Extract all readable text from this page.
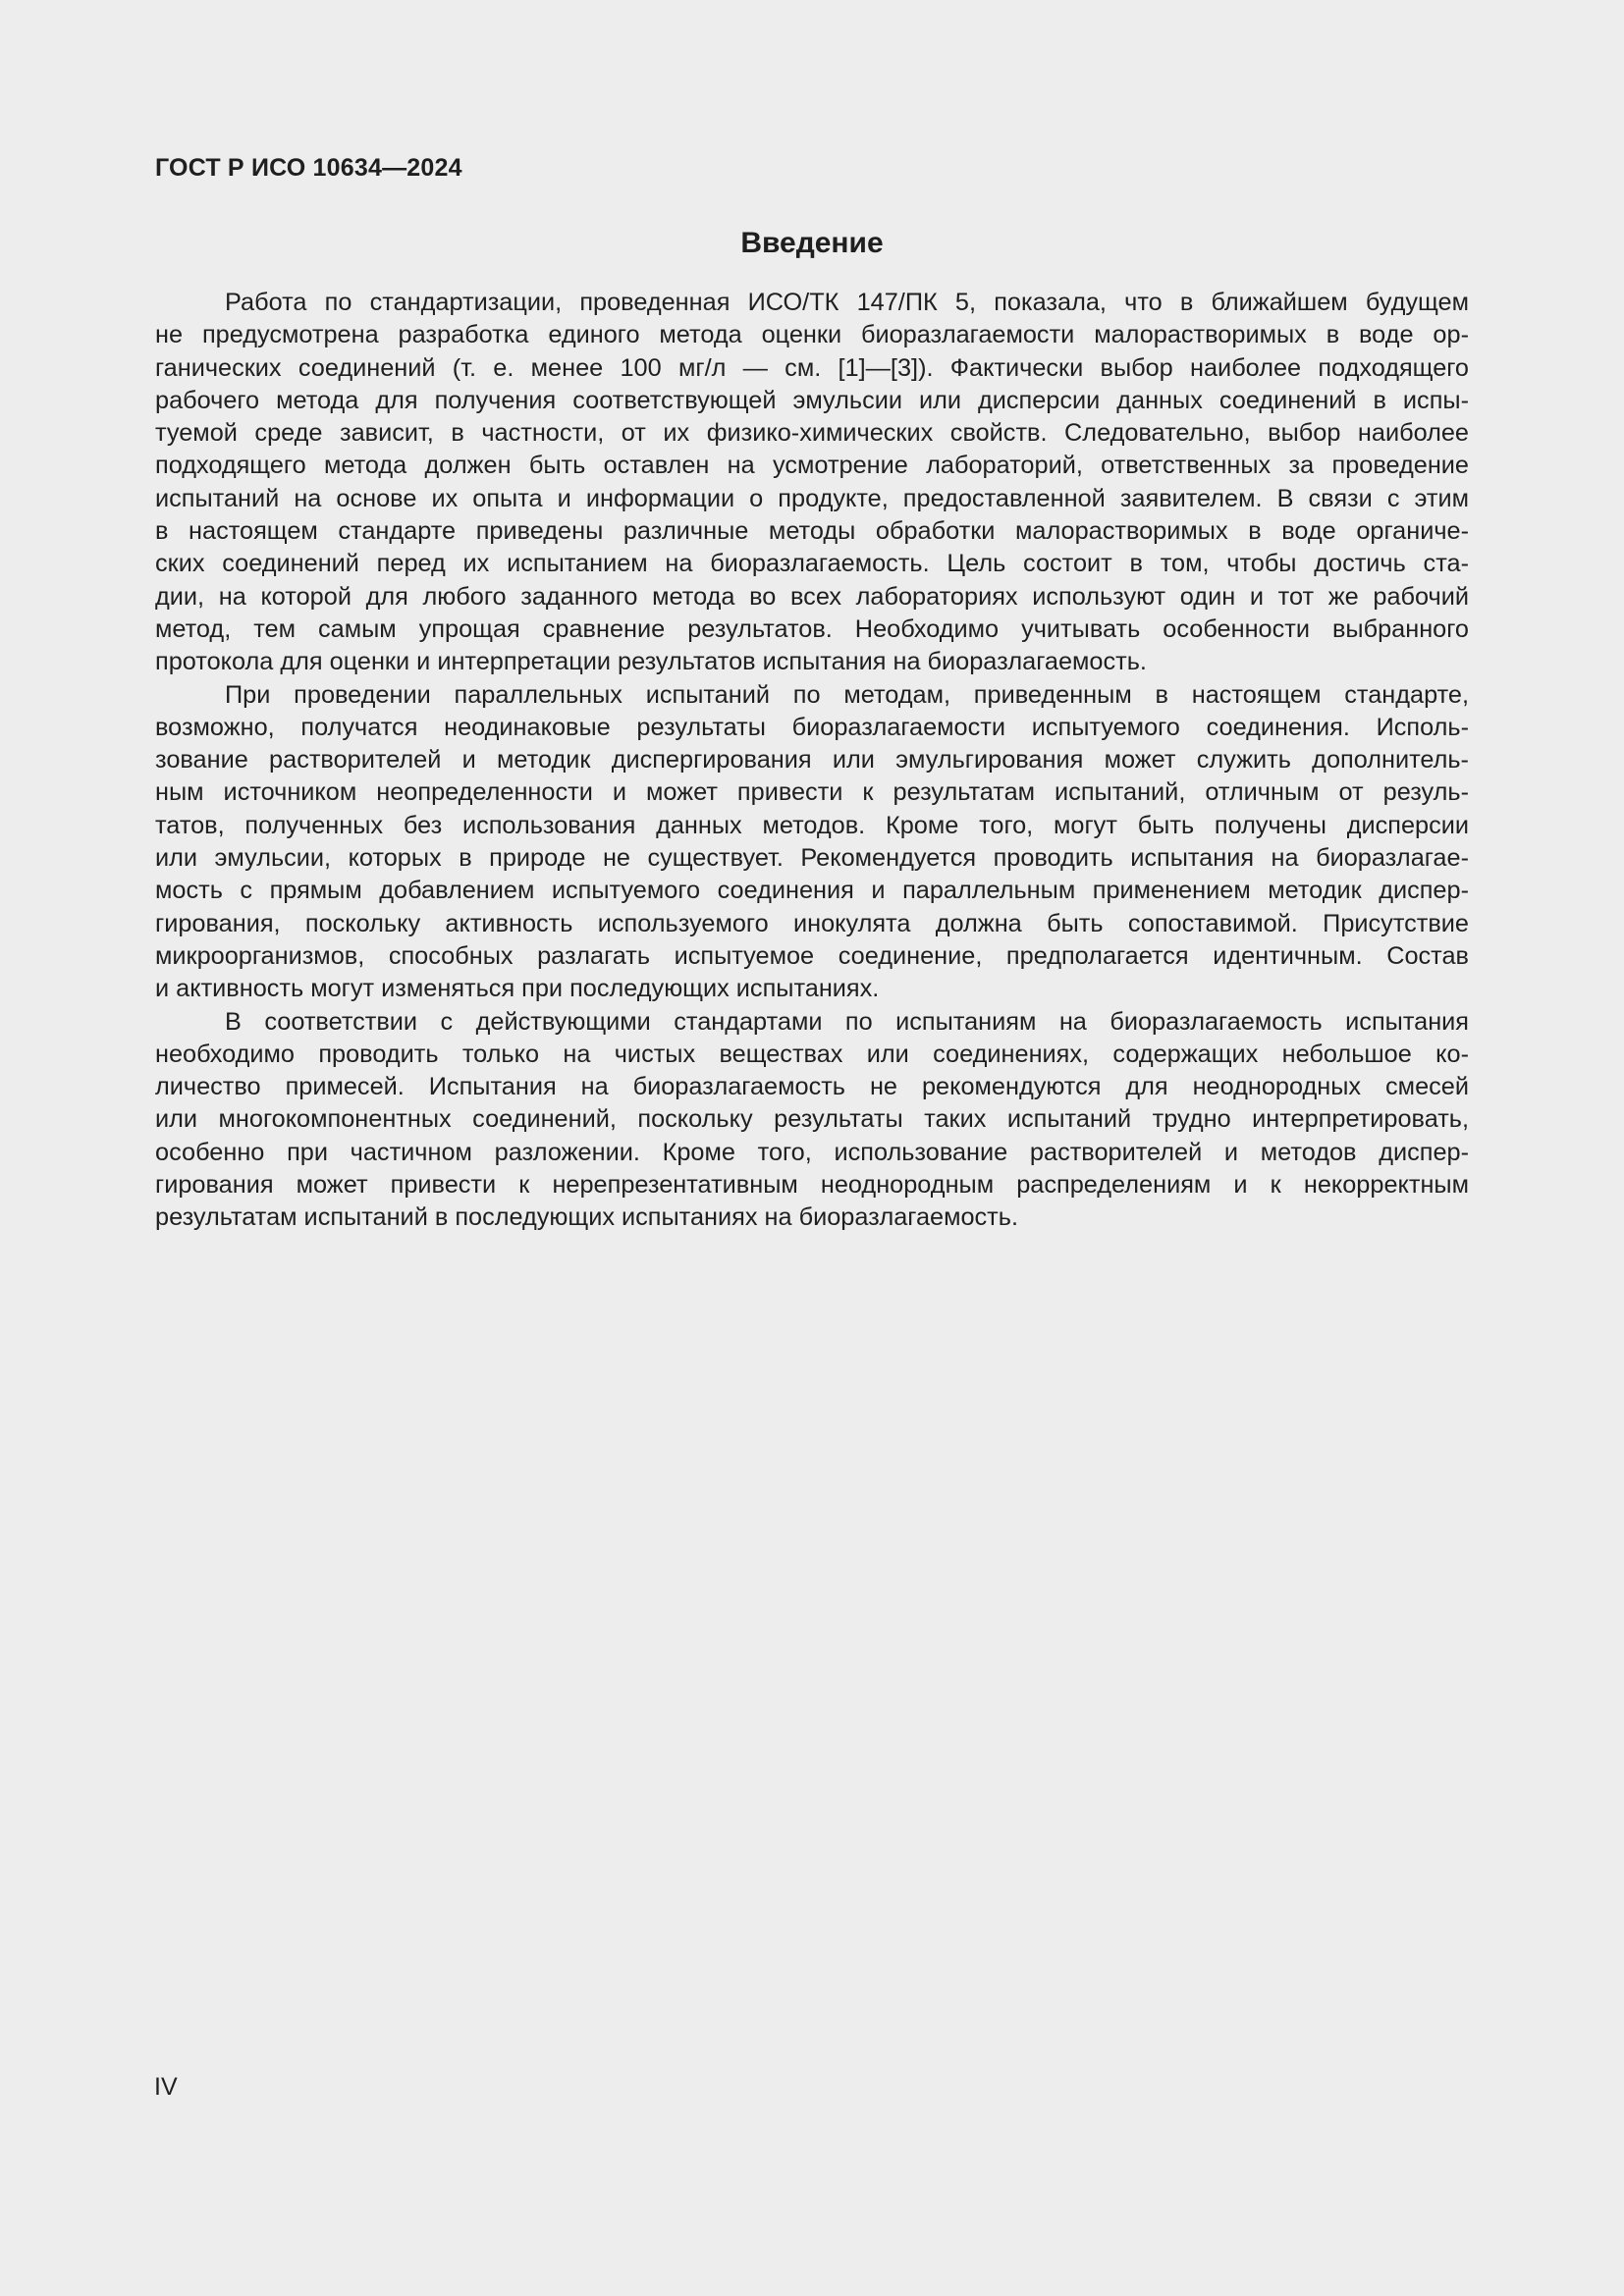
ГОСТ Р ИСО 10634—2024
Введение
Работа по стандартизации, проведенная ИСО/ТК 147/ПК 5, показала, что в ближайшем будущем
не предусмотрена разработка единого метода оценки биоразлагаемости малорастворимых в воде ор-
ганических соединений (т. е. менее 100 мг/л — см. [1]—[3]). Фактически выбор наиболее подходящего
рабочего метода для получения соответствующей эмульсии или дисперсии данных соединений в испы-
туемой среде зависит, в частности, от их физико-химических свойств. Следовательно, выбор наиболее
подходящего метода должен быть оставлен на усмотрение лабораторий, ответственных за проведение
испытаний на основе их опыта и информации о продукте, предоставленной заявителем. В связи с этим
в настоящем стандарте приведены различные методы обработки малорастворимых в воде органиче-
ских соединений перед их испытанием на биоразлагаемость. Цель состоит в том, чтобы достичь ста-
дии, на которой для любого заданного метода во всех лабораториях используют один и тот же рабочий
метод, тем самым упрощая сравнение результатов. Необходимо учитывать особенности выбранного
протокола для оценки и интерпретации результатов испытания на биоразлагаемость.
При проведении параллельных испытаний по методам, приведенным в настоящем стандарте,
возможно, получатся неодинаковые результаты биоразлагаемости испытуемого соединения. Исполь-
зование растворителей и методик диспергирования или эмульгирования может служить дополнитель-
ным источником неопределенности и может привести к результатам испытаний, отличным от резуль-
татов, полученных без использования данных методов. Кроме того, могут быть получены дисперсии
или эмульсии, которых в природе не существует. Рекомендуется проводить испытания на биоразлагае-
мость с прямым добавлением испытуемого соединения и параллельным применением методик диспер-
гирования, поскольку активность используемого инокулята должна быть сопоставимой. Присутствие
микроорганизмов, способных разлагать испытуемое соединение, предполагается идентичным. Состав
и активность могут изменяться при последующих испытаниях.
В соответствии с действующими стандартами по испытаниям на биоразлагаемость испытания
необходимо проводить только на чистых веществах или соединениях, содержащих небольшое ко-
личество примесей. Испытания на биоразлагаемость не рекомендуются для неоднородных смесей
или многокомпонентных соединений, поскольку результаты таких испытаний трудно интерпретировать,
особенно при частичном разложении. Кроме того, использование растворителей и методов диспер-
гирования может привести к нерепрезентативным неоднородным распределениям и к некорректным
результатам испытаний в последующих испытаниях на биоразлагаемость.
IV
